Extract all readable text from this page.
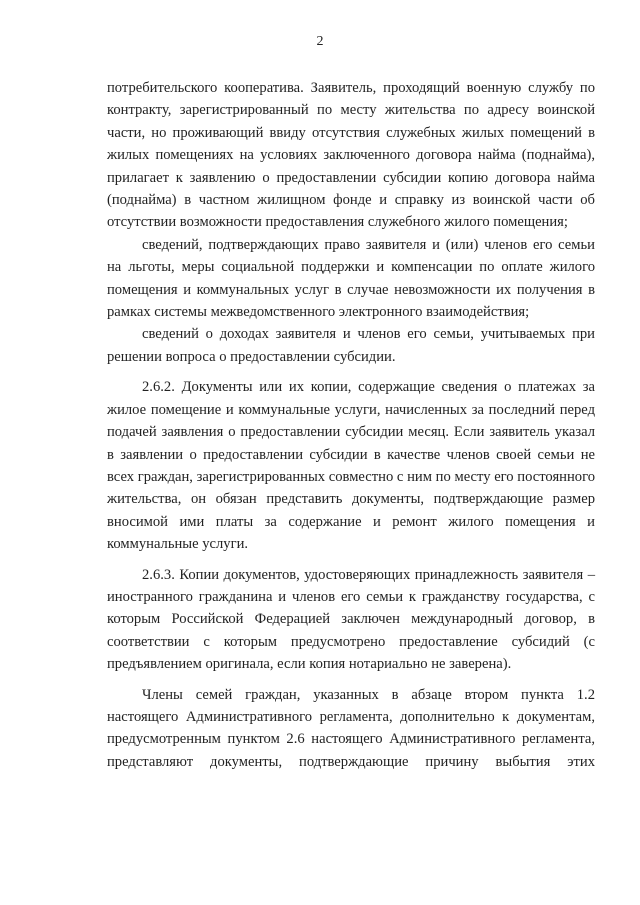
2

потребительского кооператива. Заявитель, проходящий военную службу по контракту, зарегистрированный по месту жительства по адресу воинской части, но проживающий ввиду отсутствия служебных жилых помещений в жилых помещениях на условиях заключенного договора найма (поднайма), прилагает к заявлению о предоставлении субсидии копию договора найма (поднайма) в частном жилищном фонде и справку из воинской части об отсутствии возможности предоставления служебного жилого помещения;

сведений, подтверждающих право заявителя и (или) членов его семьи на льготы, меры социальной поддержки и компенсации по оплате жилого помещения и коммунальных услуг в случае невозможности их получения в рамках системы межведомственного электронного взаимодействия;

сведений о доходах заявителя и членов его семьи, учитываемых при решении вопроса о предоставлении субсидии.

2.6.2. Документы или их копии, содержащие сведения о платежах за жилое помещение и коммунальные услуги, начисленных за последний перед подачей заявления о предоставлении субсидии месяц. Если заявитель указал в заявлении о предоставлении субсидии в качестве членов своей семьи не всех граждан, зарегистрированных совместно с ним по месту его постоянного жительства, он обязан представить документы, подтверждающие размер вносимой ими платы за содержание и ремонт жилого помещения и коммунальные услуги.

2.6.3. Копии документов, удостоверяющих принадлежность заявителя – иностранного гражданина и членов его семьи к гражданству государства, с которым Российской Федерацией заключен международный договор, в соответствии с которым предусмотрено предоставление субсидий (с предъявлением оригинала, если копия нотариально не заверена).

Члены семей граждан, указанных в абзаце втором пункта 1.2 настоящего Административного регламента, дополнительно к документам, предусмотренным пунктом 2.6 настоящего Административного регламента, представляют документы, подтверждающие причину выбытия этих
